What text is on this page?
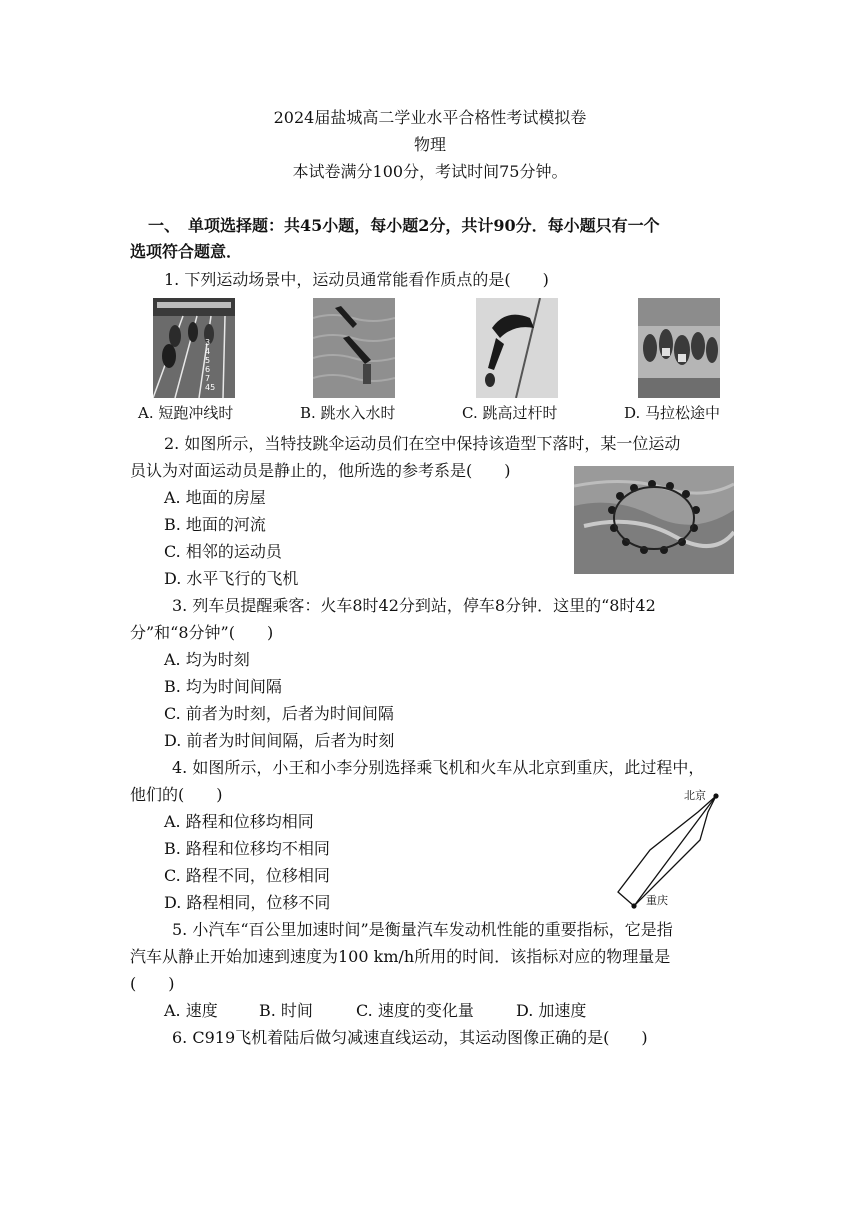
2024届盐城高二学业水平合格性考试模拟卷
物理
本试卷满分100分，考试时间75分钟。
一、　单项选择题：共45小题，每小题2分，共计90分．每小题只有一个
选项符合题意．
1. 下列运动场景中，运动员通常能看作质点的是(　　)
3
4
5
6
7
45
A. 短跑冲线时	B. 跳水入水时	C. 跳高过杆时	D. 马拉松途中
2. 如图所示，当特技跳伞运动员们在空中保持该造型下落时，某一位运动
员认为对面运动员是静止的，他所选的参考系是(　　)
A. 地面的房屋
B. 地面的河流
C. 相邻的运动员
D. 水平飞行的飞机
3. 列车员提醒乘客：火车8时42分到站，停车8分钟．这里的“8时42
分”和“8分钟”(　　)
A. 均为时刻
B. 均为时间间隔
C. 前者为时刻，后者为时间间隔
D. 前者为时间间隔，后者为时刻
4. 如图所示，小王和小李分别选择乘飞机和火车从北京到重庆，此过程中，
他们的(　　)
A. 路程和位移均相同
B. 路程和位移均不相同
C. 路程不同，位移相同
D. 路程相同，位移不同
北京
重庆
5. 小汽车“百公里加速时间”是衡量汽车发动机性能的重要指标，它是指
汽车从静止开始加速到速度为100 km/h所用的时间．该指标对应的物理量是
(　　)
A. 速度	B. 时间	C. 速度的变化量	D. 加速度
6. C919飞机着陆后做匀减速直线运动，其运动图像正确的是(　　)
